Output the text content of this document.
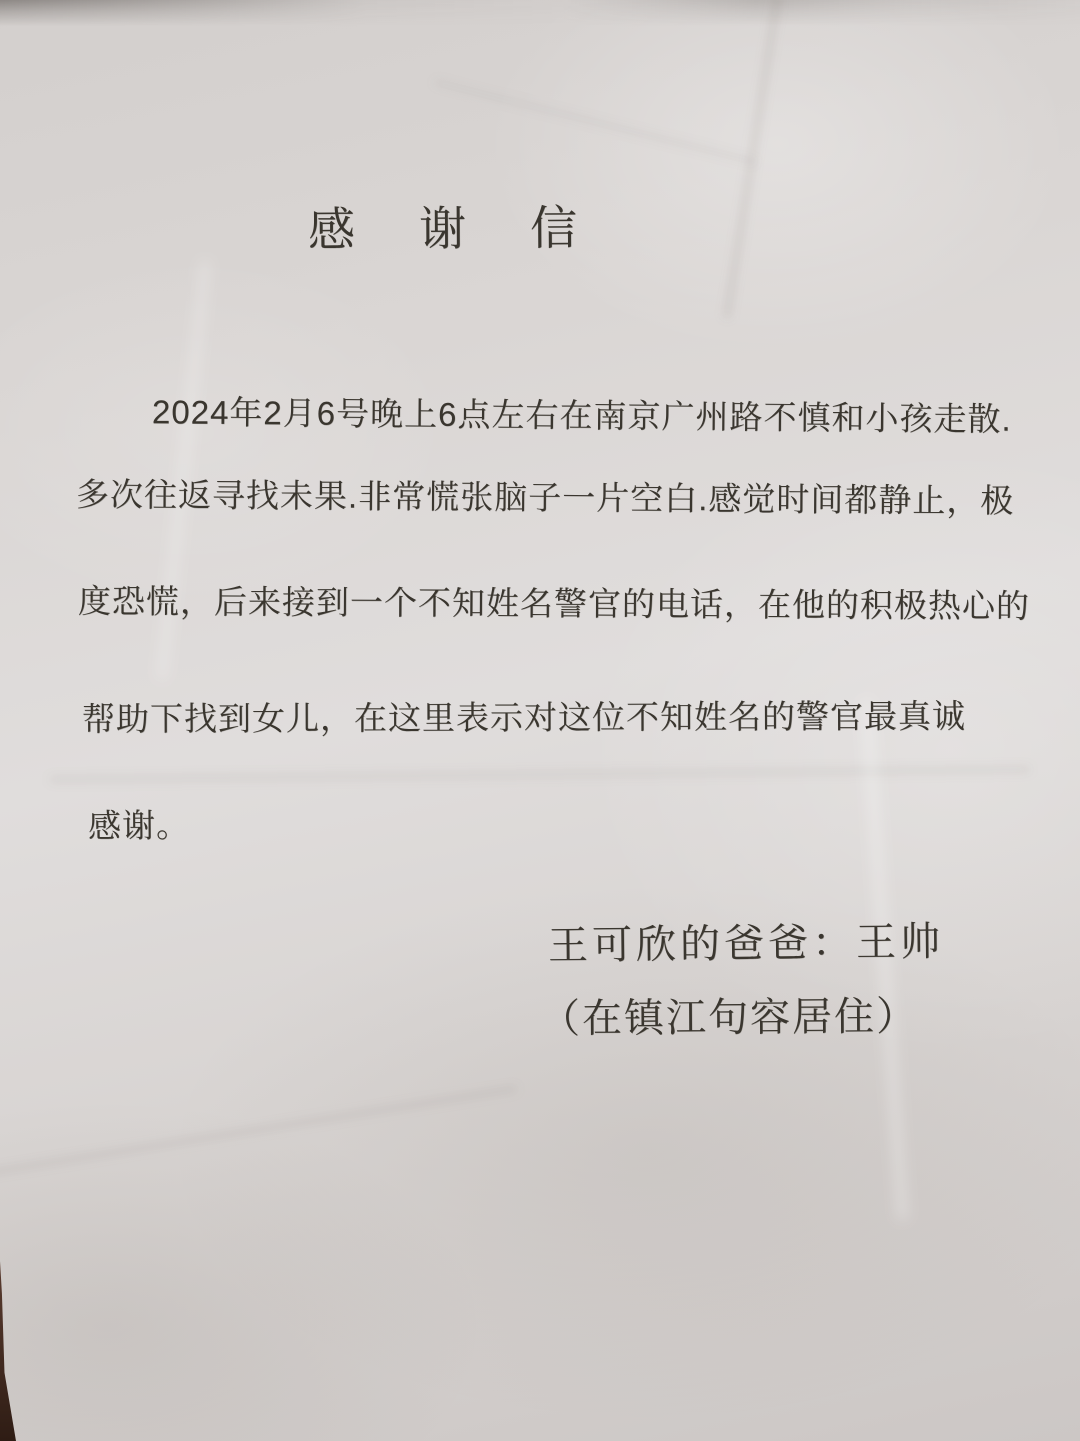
感 谢 信
2024年2月6号晚上6点左右在南京广州路不慎和小孩走散.
多次往返寻找未果.非常慌张脑子一片空白.感觉时间都静止，极
度恐慌，后来接到一个不知姓名警官的电话，在他的积极热心的
帮助下找到女儿，在这里表示对这位不知姓名的警官最真诚
感谢。
王可欣的爸爸：王帅
（在镇江句容居住）
